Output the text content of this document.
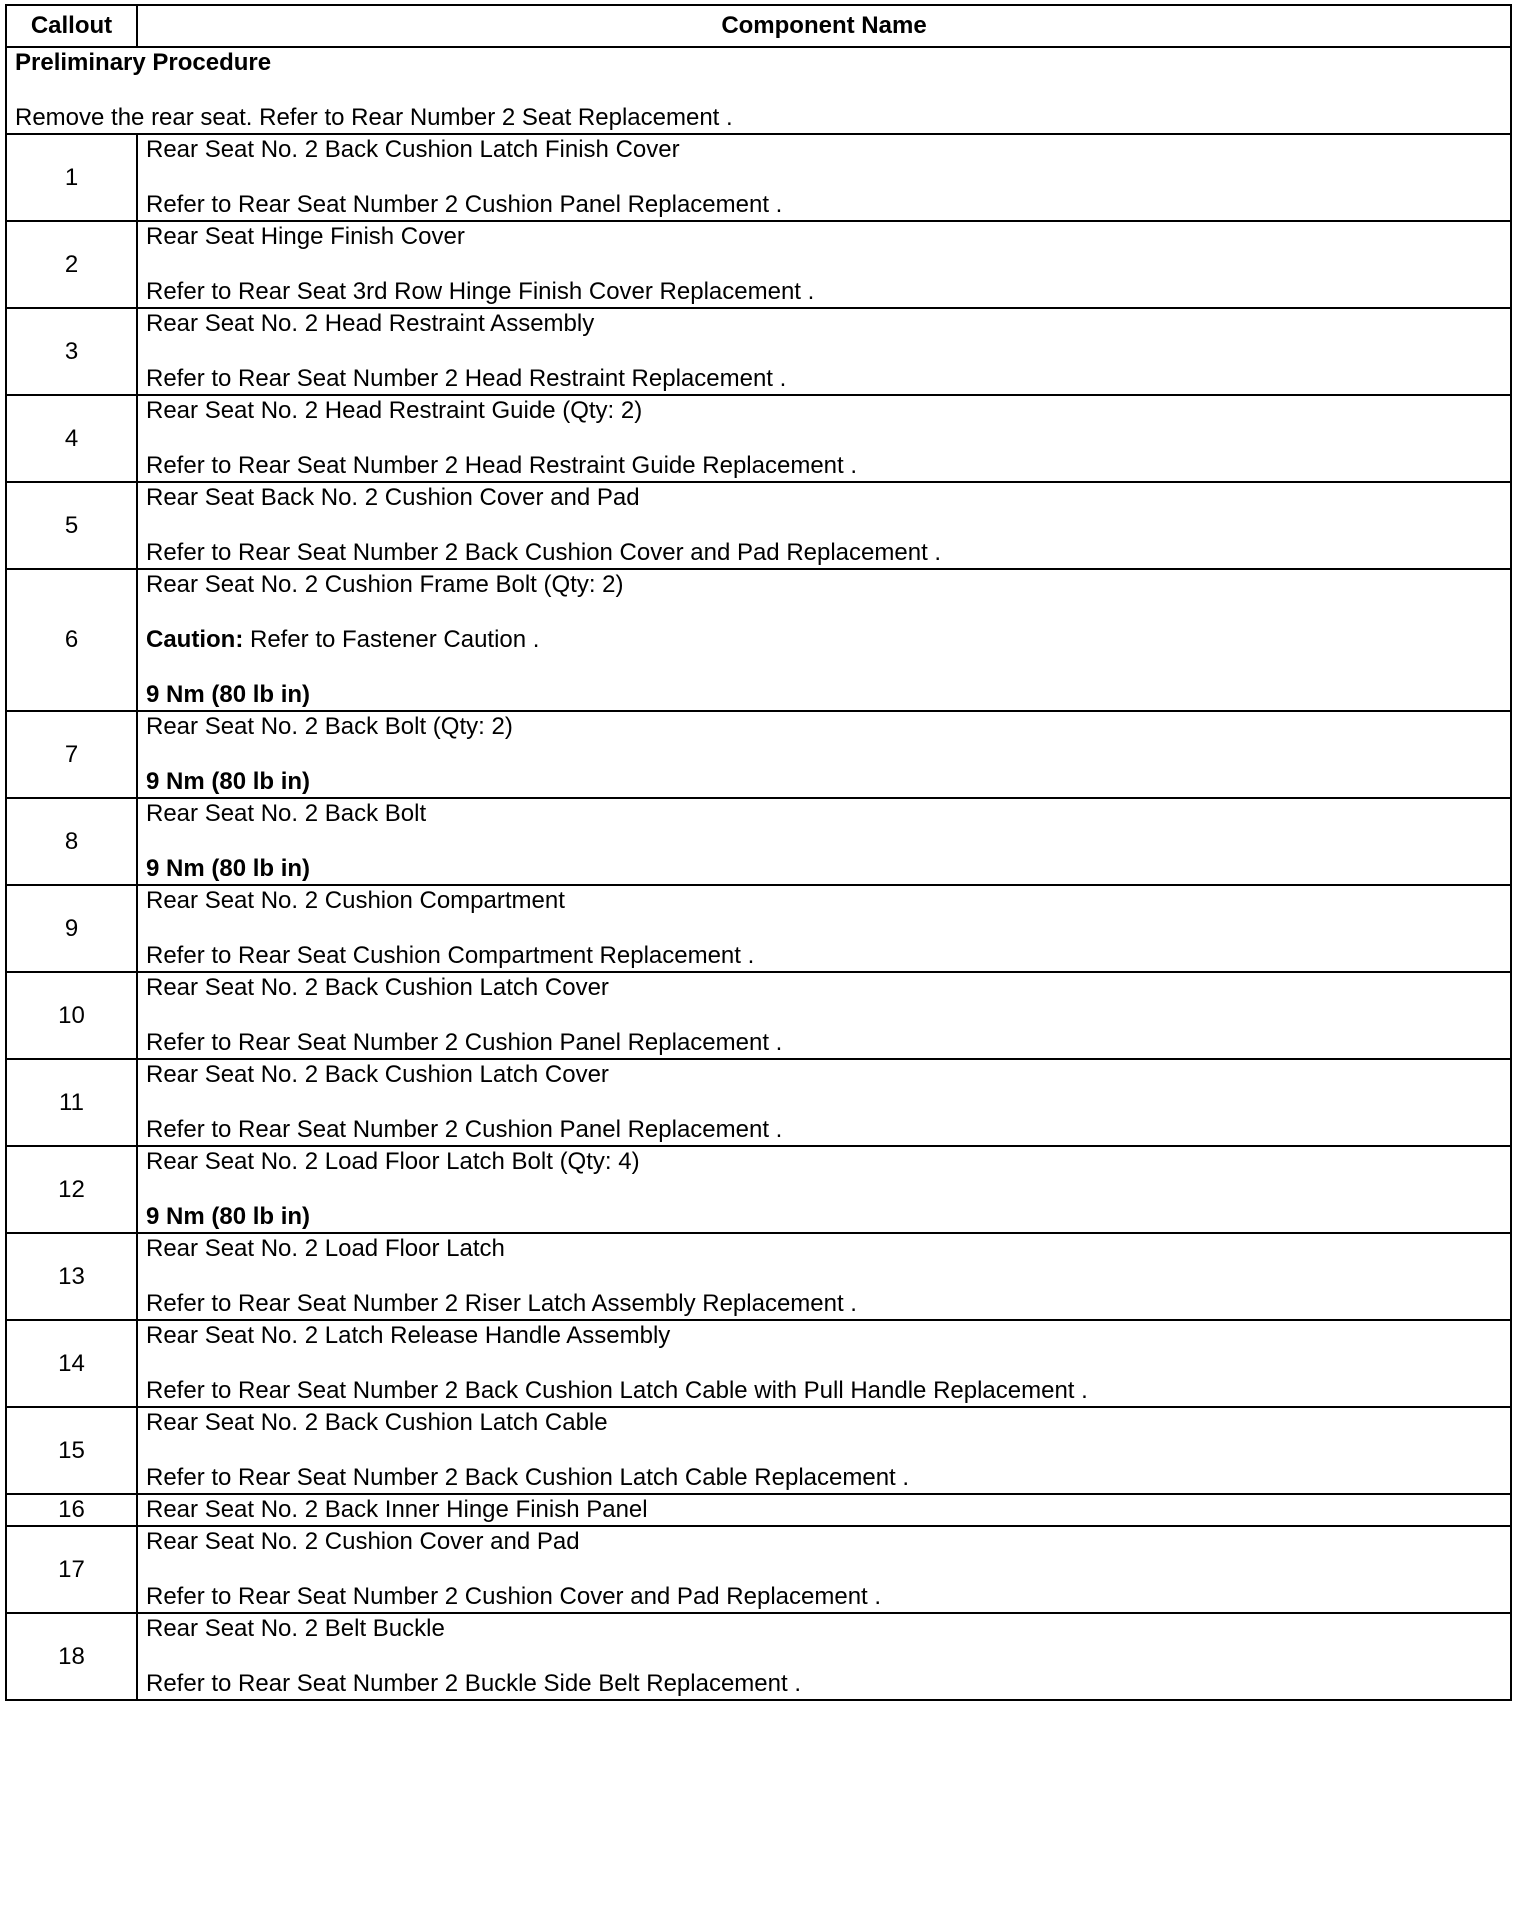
Callout	Component Name

Preliminary Procedure
Remove the rear seat. Refer to Rear Number 2 Seat Replacement .	

1	Rear Seat No. 2 Back Cushion Latch Finish Cover
Refer to Rear Seat Number 2 Cushion Panel Replacement .

2	Rear Seat Hinge Finish Cover
Refer to Rear Seat 3rd Row Hinge Finish Cover Replacement .

3	Rear Seat No. 2 Head Restraint Assembly
Refer to Rear Seat Number 2 Head Restraint Replacement .

4	Rear Seat No. 2 Head Restraint Guide (Qty: 2)
Refer to Rear Seat Number 2 Head Restraint Guide Replacement .

5	Rear Seat Back No. 2 Cushion Cover and Pad
Refer to Rear Seat Number 2 Back Cushion Cover and Pad Replacement .

6	Rear Seat No. 2 Cushion Frame Bolt (Qty: 2)
Caution: Refer to Fastener Caution .
9 Nm (80 lb in)

7	Rear Seat No. 2 Back Bolt (Qty: 2)
9 Nm (80 lb in)

8	Rear Seat No. 2 Back Bolt
9 Nm (80 lb in)

9	Rear Seat No. 2 Cushion Compartment
Refer to Rear Seat Cushion Compartment Replacement .

10	Rear Seat No. 2 Back Cushion Latch Cover
Refer to Rear Seat Number 2 Cushion Panel Replacement .

11	Rear Seat No. 2 Back Cushion Latch Cover
Refer to Rear Seat Number 2 Cushion Panel Replacement .

12	Rear Seat No. 2 Load Floor Latch Bolt (Qty: 4)
9 Nm (80 lb in)

13	Rear Seat No. 2 Load Floor Latch
Refer to Rear Seat Number 2 Riser Latch Assembly Replacement .

14	Rear Seat No. 2 Latch Release Handle Assembly
Refer to Rear Seat Number 2 Back Cushion Latch Cable with Pull Handle Replacement .

15	Rear Seat No. 2 Back Cushion Latch Cable
Refer to Rear Seat Number 2 Back Cushion Latch Cable Replacement .

16	Rear Seat No. 2 Back Inner Hinge Finish Panel

17	Rear Seat No. 2 Cushion Cover and Pad
Refer to Rear Seat Number 2 Cushion Cover and Pad Replacement .

18	Rear Seat No. 2 Belt Buckle
Refer to Rear Seat Number 2 Buckle Side Belt Replacement .
